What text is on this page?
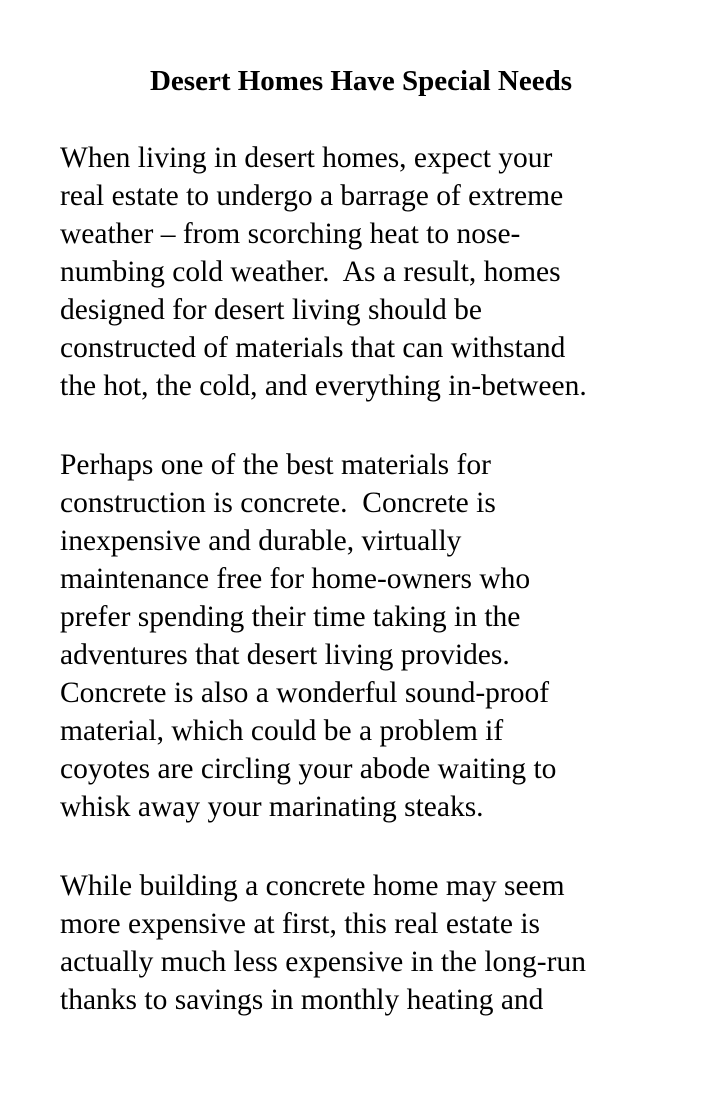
Desert Homes Have Special Needs
When living in desert homes, expect your
real estate to undergo a barrage of extreme
weather – from scorching heat to nose-
numbing cold weather.  As a result, homes
designed for desert living should be
constructed of materials that can withstand
the hot, the cold, and everything in-between.
Perhaps one of the best materials for
construction is concrete.  Concrete is
inexpensive and durable, virtually
maintenance free for home-owners who
prefer spending their time taking in the
adventures that desert living provides.
Concrete is also a wonderful sound-proof
material, which could be a problem if
coyotes are circling your abode waiting to
whisk away your marinating steaks.
While building a concrete home may seem
more expensive at first, this real estate is
actually much less expensive in the long-run
thanks to savings in monthly heating and
